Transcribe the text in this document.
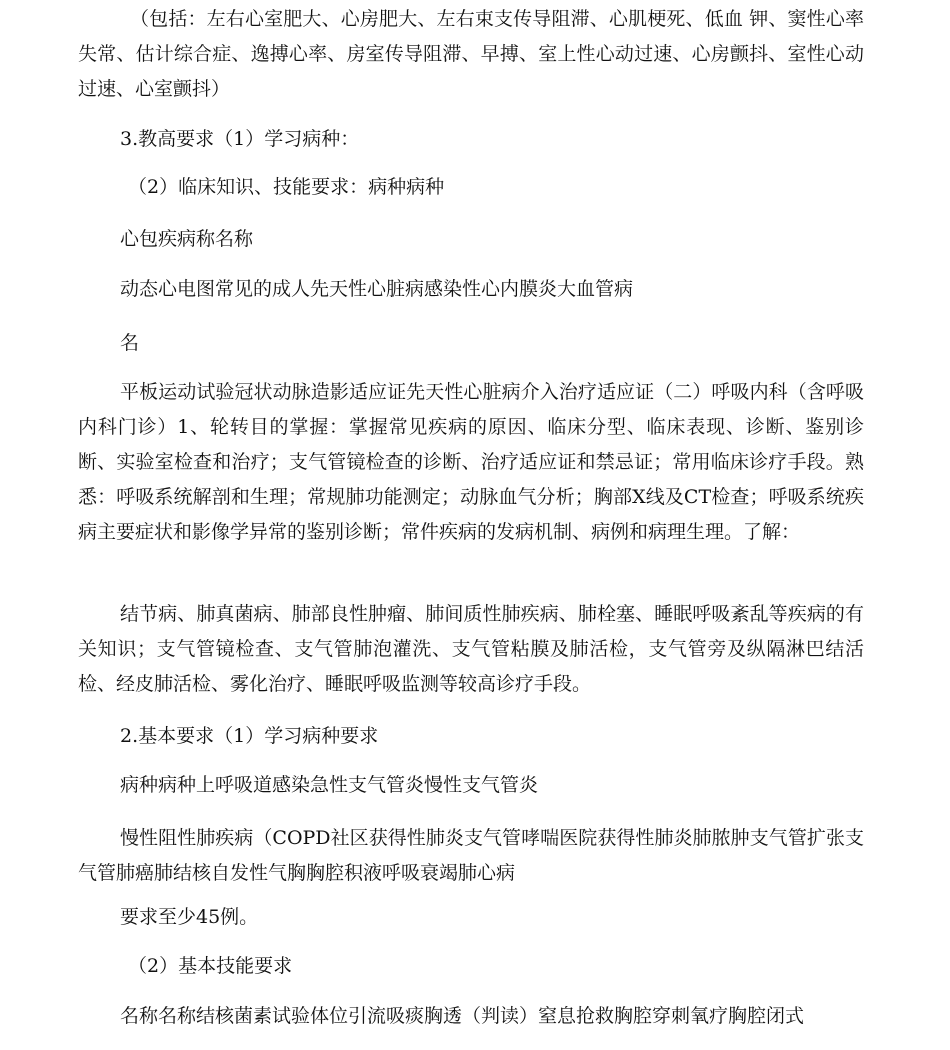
（包括：左右心室肥大、心房肥大、左右束支传导阻滞、心肌梗死、低血 钾、窦性心率失常、估计综合症、逸搏心率、房室传导阻滞、早搏、室上性心动过速、心房颤抖、室性心动过速、心室颤抖）

3.教高要求（1）学习病种：

（2）临床知识、技能要求：病种病种

心包疾病称名称

动态心电图常见的成人先天性心脏病感染性心内膜炎大血管病

名

平板运动试验冠状动脉造影适应证先天性心脏病介入治疗适应证（二）呼吸内科（含呼吸内科门诊）1、轮转目的掌握：掌握常见疾病的原因、临床分型、临床表现、诊断、鉴别诊断、实验室检查和治疗；支气管镜检查的诊断、治疗适应证和禁忌证；常用临床诊疗手段。熟悉：呼吸系统解剖和生理；常规肺功能测定；动脉血气分析；胸部X线及CT检查；呼吸系统疾病主要症状和影像学异常的鉴别诊断；常件疾病的发病机制、病例和病理生理。了解：

结节病、肺真菌病、肺部良性肿瘤、肺间质性肺疾病、肺栓塞、睡眠呼吸紊乱等疾病的有关知识；支气管镜检查、支气管肺泡灌洗、支气管粘膜及肺活检，支气管旁及纵隔淋巴结活检、经皮肺活检、雾化治疗、睡眠呼吸监测等较高诊疗手段。

2.基本要求（1）学习病种要求

病种病种上呼吸道感染急性支气管炎慢性支气管炎

慢性阻性肺疾病（COPD社区获得性肺炎支气管哮喘医院获得性肺炎肺脓肿支气管扩张支气管肺癌肺结核自发性气胸胸腔积液呼吸衰竭肺心病

要求至少45例。

（2）基本技能要求

名称名称结核菌素试验体位引流吸痰胸透（判读）窒息抢救胸腔穿刺氧疗胸腔闭式
